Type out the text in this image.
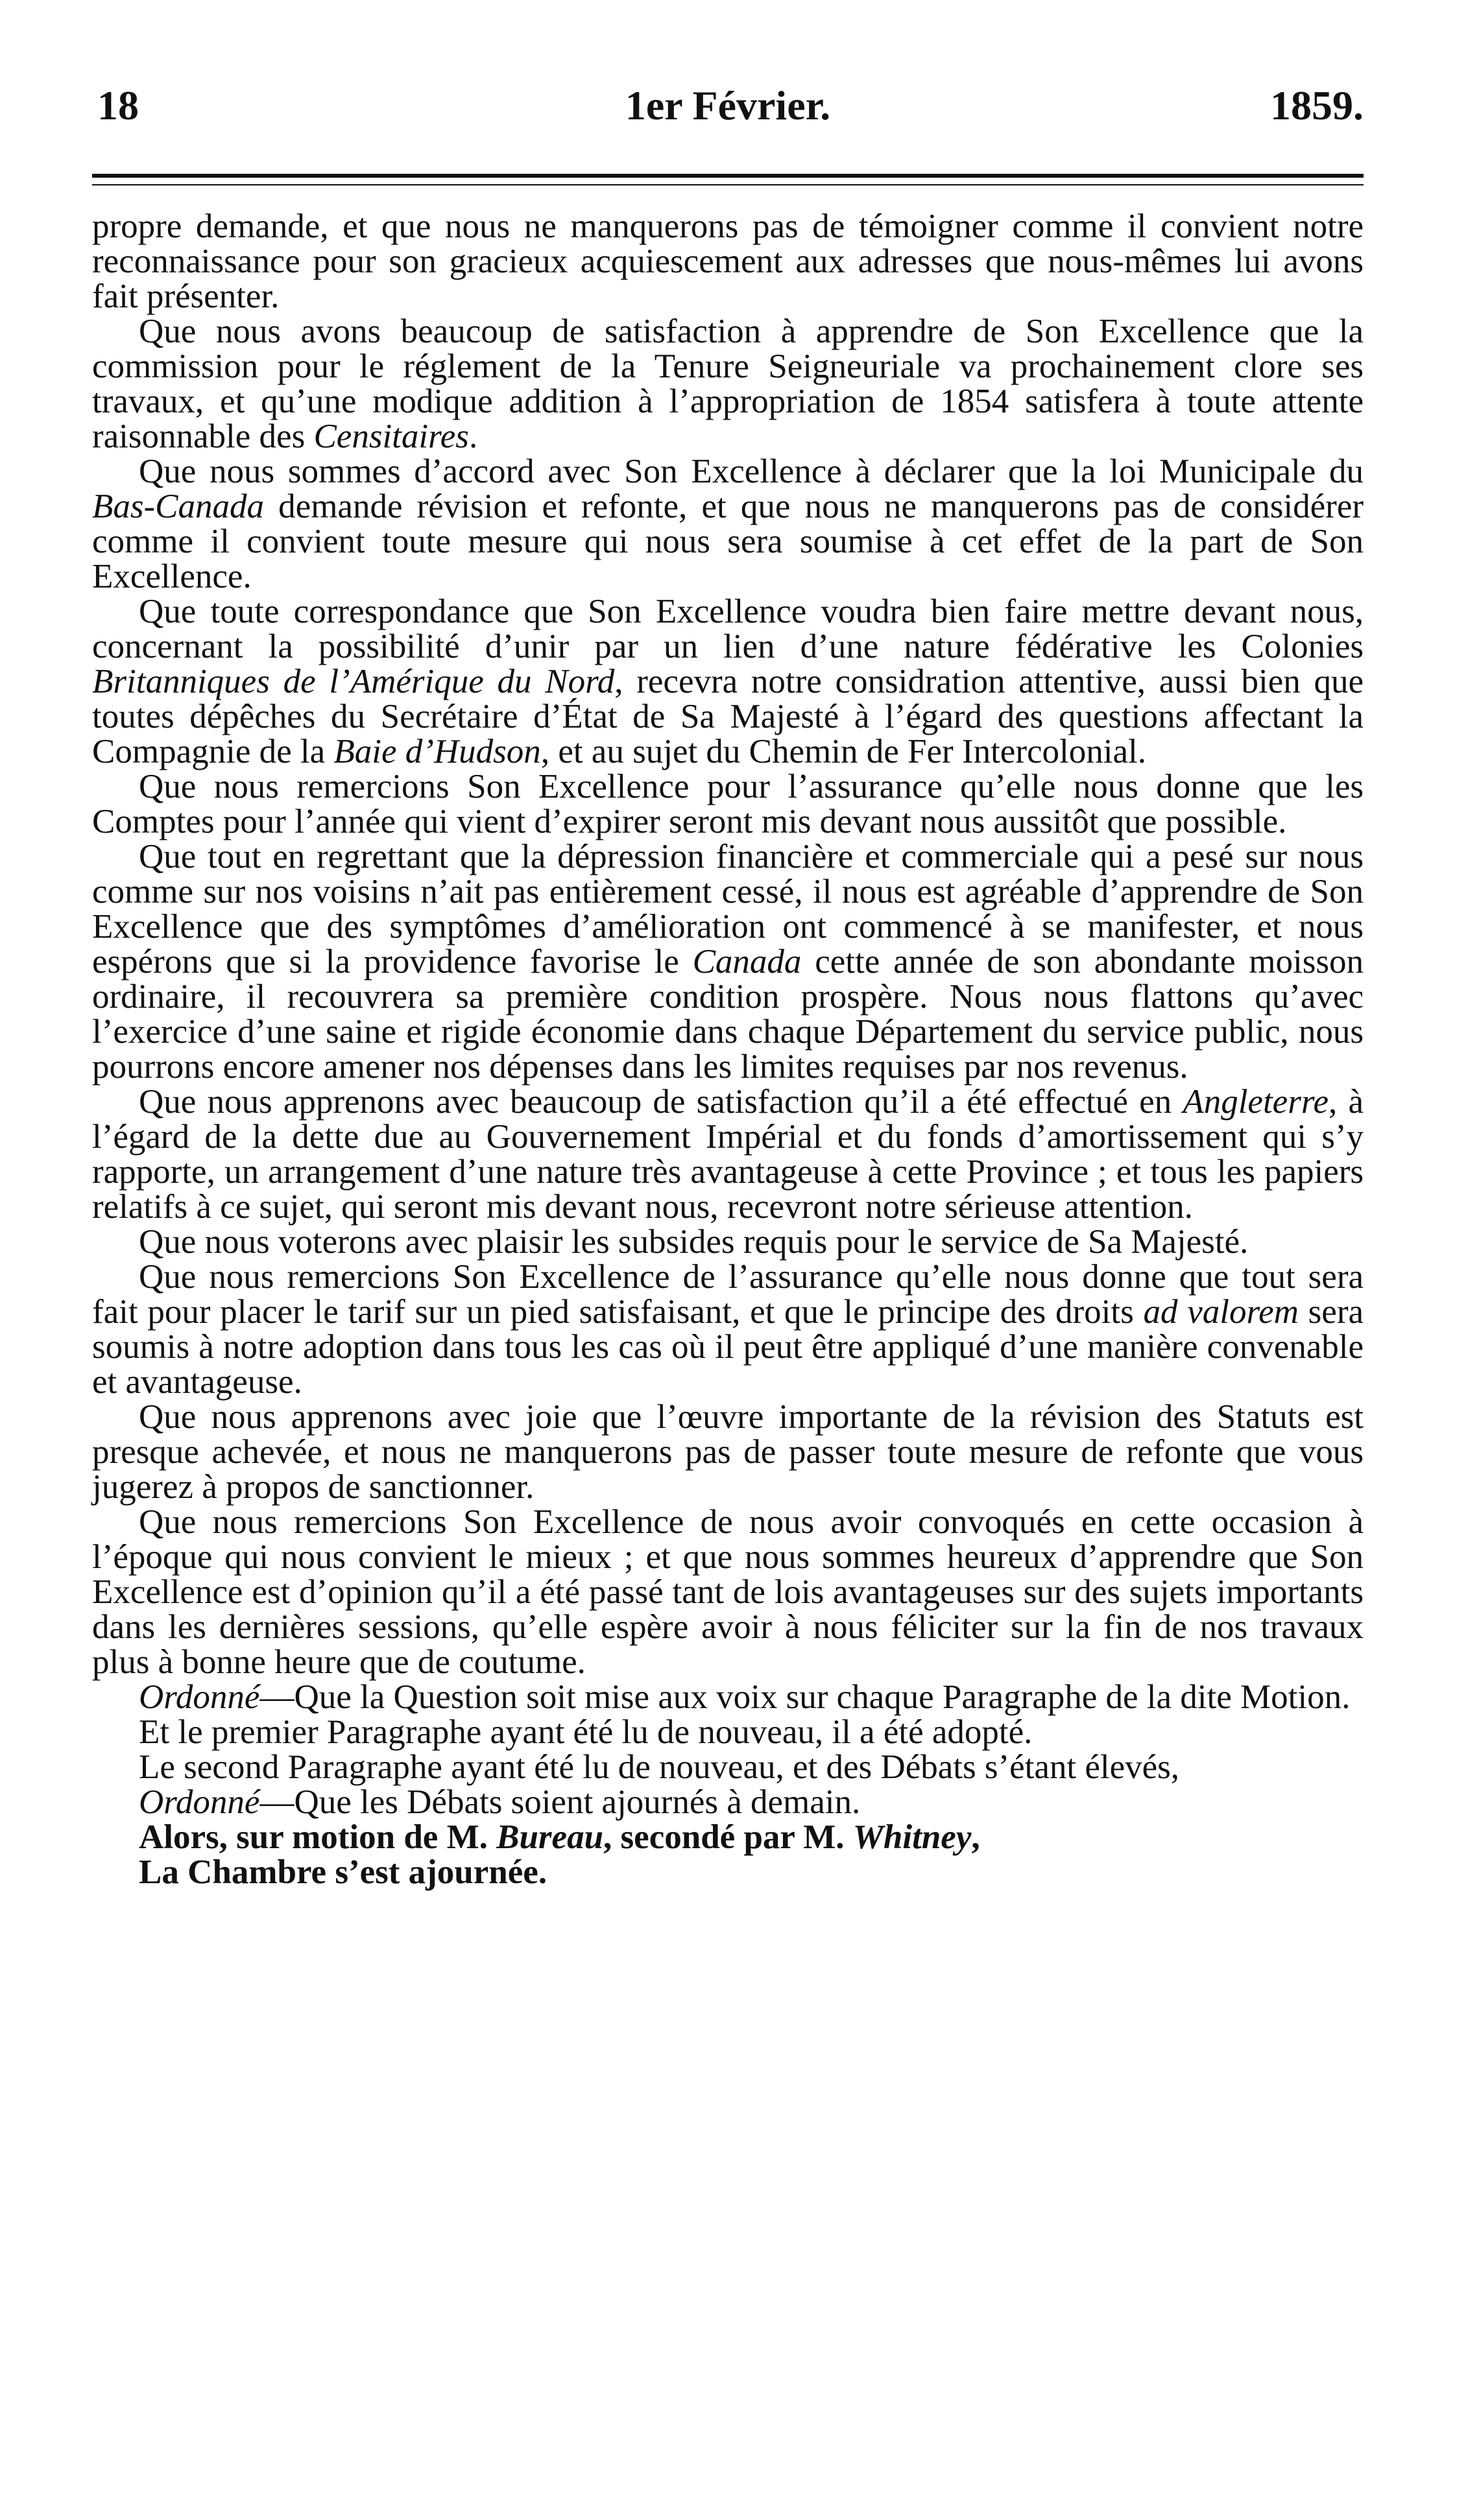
18	1er Février.	1859.

propre demande, et que nous ne manquerons pas de témoigner comme il convient notre reconnaissance pour son gracieux acquiescement aux adresses que nous-mêmes lui avons fait présenter.

Que nous avons beaucoup de satisfaction à apprendre de Son Excellence que la commission pour le réglement de la Tenure Seigneuriale va prochainement clore ses travaux, et qu’une modique addition à l’appropriation de 1854 satisfera à toute attente raisonnable des Censitaires.

Que nous sommes d’accord avec Son Excellence à déclarer que la loi Municipale du Bas-Canada demande révision et refonte, et que nous ne manquerons pas de considérer comme il convient toute mesure qui nous sera soumise à cet effet de la part de Son Excellence.

Que toute correspondance que Son Excellence voudra bien faire mettre devant nous, concernant la possibilité d’unir par un lien d’une nature fédérative les Colonies Britanniques de l’Amérique du Nord, recevra notre considration attentive, aussi bien que toutes dépêches du Secrétaire d’État de Sa Majesté à l’égard des questions affectant la Compagnie de la Baie d’Hudson, et au sujet du Chemin de Fer Intercolonial.

Que nous remercions Son Excellence pour l’assurance qu’elle nous donne que les Comptes pour l’année qui vient d’expirer seront mis devant nous aussitôt que possible.

Que tout en regrettant que la dépression financière et commerciale qui a pesé sur nous comme sur nos voisins n’ait pas entièrement cessé, il nous est agréable d’apprendre de Son Excellence que des symptômes d’amélioration ont commencé à se manifester, et nous espérons que si la providence favorise le Canada cette année de son abondante moisson ordinaire, il recouvrera sa première condition prospère. Nous nous flattons qu’avec l’exercice d’une saine et rigide économie dans chaque Département du service public, nous pourrons encore amener nos dépenses dans les limites requises par nos revenus.

Que nous apprenons avec beaucoup de satisfaction qu’il a été effectué en Angleterre, à l’égard de la dette due au Gouvernement Impérial et du fonds d’amortissement qui s’y rapporte, un arrangement d’une nature très avantageuse à cette Province ; et tous les papiers relatifs à ce sujet, qui seront mis devant nous, recevront notre sérieuse attention.

Que nous voterons avec plaisir les subsides requis pour le service de Sa Majesté.

Que nous remercions Son Excellence de l’assurance qu’elle nous donne que tout sera fait pour placer le tarif sur un pied satisfaisant, et que le principe des droits ad valorem sera soumis à notre adoption dans tous les cas où il peut être appliqué d’une manière convenable et avantageuse.

Que nous apprenons avec joie que l’œuvre importante de la révision des Statuts est presque achevée, et nous ne manquerons pas de passer toute mesure de refonte que vous jugerez à propos de sanctionner.

Que nous remercions Son Excellence de nous avoir convoqués en cette occasion à l’époque qui nous convient le mieux ; et que nous sommes heureux d’apprendre que Son Excellence est d’opinion qu’il a été passé tant de lois avantageuses sur des sujets importants dans les dernières sessions, qu’elle espère avoir à nous féliciter sur la fin de nos travaux plus à bonne heure que de coutume.

Ordonné—Que la Question soit mise aux voix sur chaque Paragraphe de la dite Motion.

Et le premier Paragraphe ayant été lu de nouveau, il a été adopté.

Le second Paragraphe ayant été lu de nouveau, et des Débats s’étant élevés,

Ordonné—Que les Débats soient ajournés à demain.

Alors, sur motion de M. Bureau, secondé par M. Whitney,

La Chambre s’est ajournée.
